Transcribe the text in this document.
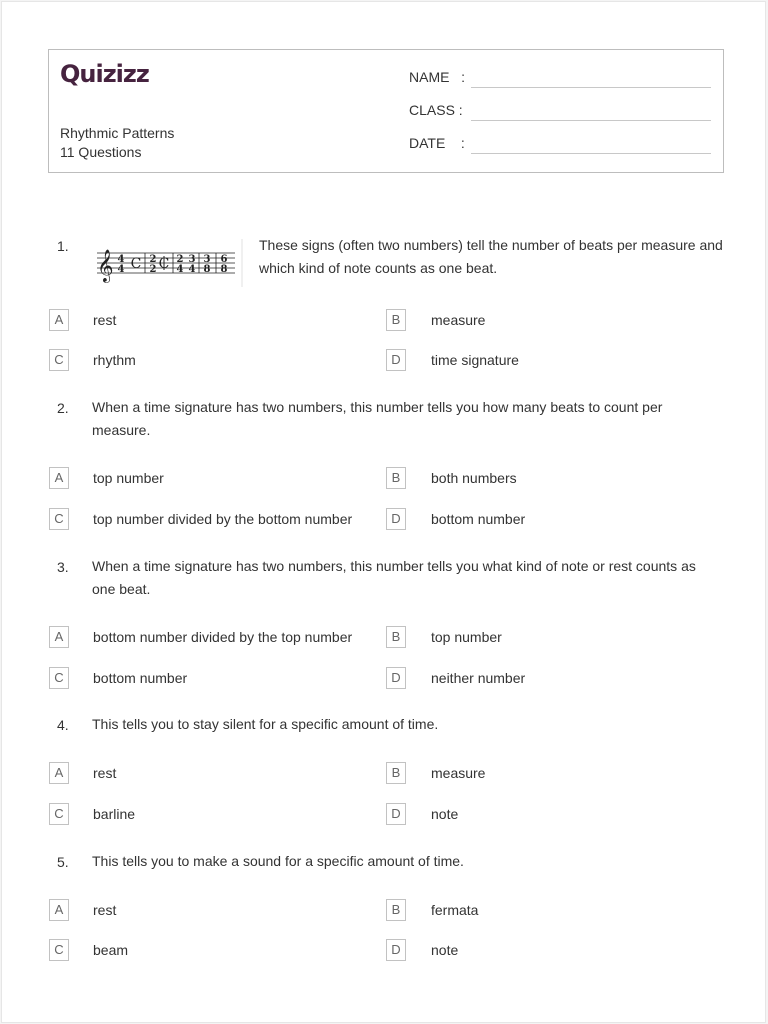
Quizizz
Rhythmic Patterns
11 Questions
NAME   :
CLASS :
DATE    :
1.
𝄞 4
4
2
2
2
4
3
4
3
8
6
8
C C
These signs (often two numbers) tell the number of beats per measure and which kind of note counts as one beat.
A	rest	B	measure
C	rhythm	D	time signature
2. When a time signature has two numbers, this number tells you how many beats to count per measure.
A	top number	B	both numbers
C	top number divided by the bottom number	D	bottom number
3. When a time signature has two numbers, this number tells you what kind of note or rest counts as one beat.
A	bottom number divided by the top number	B	top number
C	bottom number	D	neither number
4. This tells you to stay silent for a specific amount of time.
A	rest	B	measure
C	barline	D	note
5. This tells you to make a sound for a specific amount of time.
A	rest	B	fermata
C	beam	D	note
